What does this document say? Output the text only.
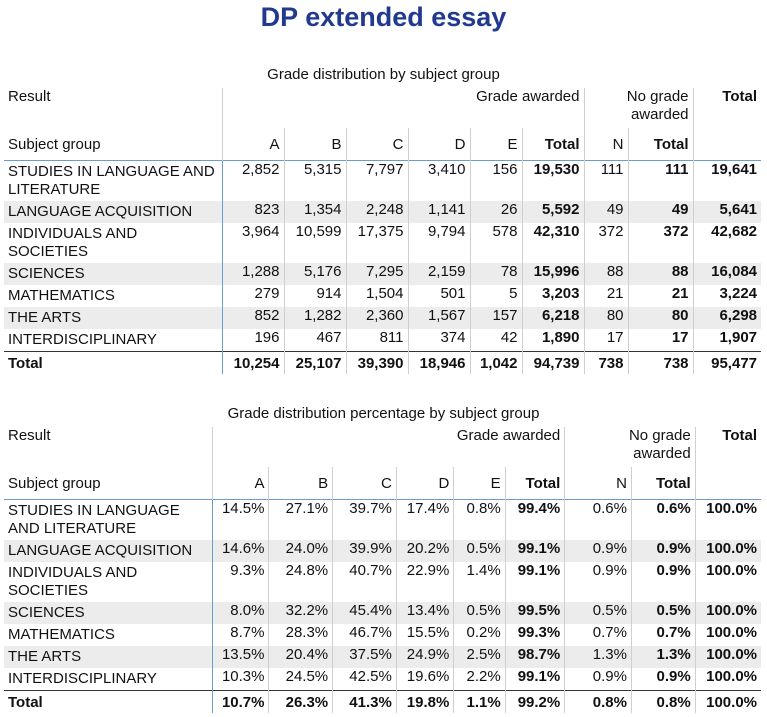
DP extended essay
Grade distribution by subject group
Result	Grade awarded						No grade awarded		Total
Subject group	A	B	C	D	E	Total	N	Total	
STUDIES IN LANGUAGE AND LITERATURE	2,852	5,315	7,797	3,410	156	19,530	111	111	19,641
LANGUAGE ACQUISITION	823	1,354	2,248	1,141	26	5,592	49	49	5,641
INDIVIDUALS AND SOCIETIES	3,964	10,599	17,375	9,794	578	42,310	372	372	42,682
SCIENCES	1,288	5,176	7,295	2,159	78	15,996	88	88	16,084
MATHEMATICS	279	914	1,504	501	5	3,203	21	21	3,224
THE ARTS	852	1,282	2,360	1,567	157	6,218	80	80	6,298
INTERDISCIPLINARY	196	467	811	374	42	1,890	17	17	1,907
Total	10,254	25,107	39,390	18,946	1,042	94,739	738	738	95,477
Grade distribution percentage by subject group
Result	Grade awarded						No grade awarded		Total
Subject group	A	B	C	D	E	Total	N	Total	
STUDIES IN LANGUAGE AND LITERATURE	14.5%	27.1%	39.7%	17.4%	0.8%	99.4%	0.6%	0.6%	100.0%
LANGUAGE ACQUISITION	14.6%	24.0%	39.9%	20.2%	0.5%	99.1%	0.9%	0.9%	100.0%
INDIVIDUALS AND SOCIETIES	9.3%	24.8%	40.7%	22.9%	1.4%	99.1%	0.9%	0.9%	100.0%
SCIENCES	8.0%	32.2%	45.4%	13.4%	0.5%	99.5%	0.5%	0.5%	100.0%
MATHEMATICS	8.7%	28.3%	46.7%	15.5%	0.2%	99.3%	0.7%	0.7%	100.0%
THE ARTS	13.5%	20.4%	37.5%	24.9%	2.5%	98.7%	1.3%	1.3%	100.0%
INTERDISCIPLINARY	10.3%	24.5%	42.5%	19.6%	2.2%	99.1%	0.9%	0.9%	100.0%
Total	10.7%	26.3%	41.3%	19.8%	1.1%	99.2%	0.8%	0.8%	100.0%
